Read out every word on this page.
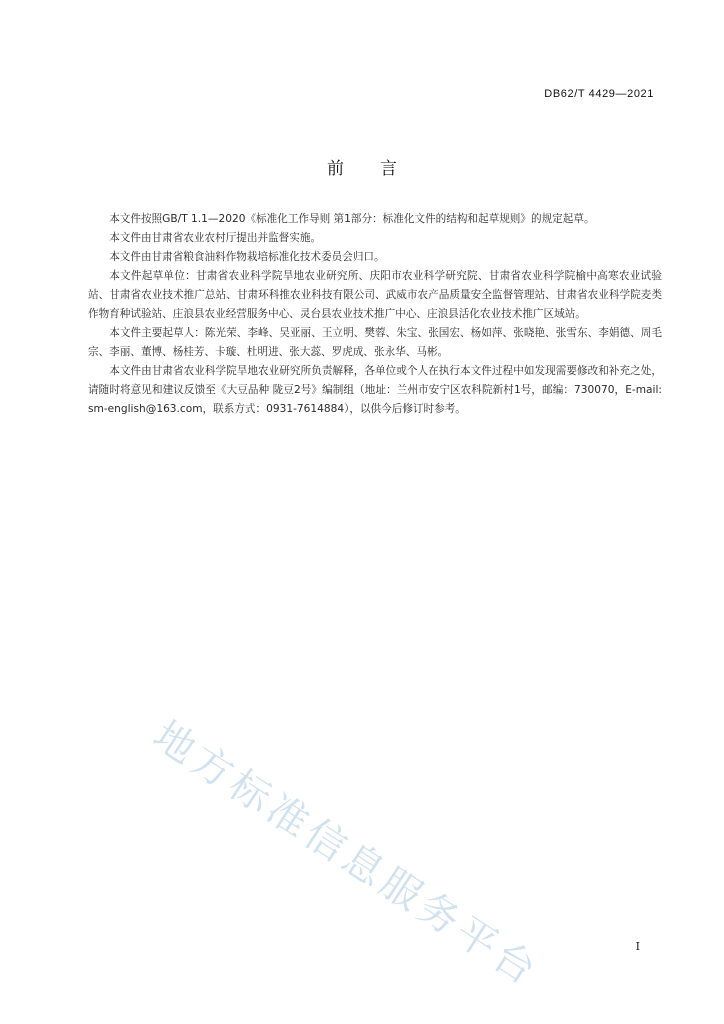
DB62/T 4429—2021
前言

本文件按照GB/T 1.1—2020《标准化工作导则 第1部分：标准化文件的结构和起草规则》的规定起草。

本文件由甘肃省农业农村厅提出并监督实施。

本文件由甘肃省粮食油料作物栽培标准化技术委员会归口。

本文件起草单位：甘肃省农业科学院旱地农业研究所、庆阳市农业科学研究院、甘肃省农业科学院榆中高寒农业试验站、甘肃省农业技术推广总站、甘肃环科推农业科技有限公司、武威市农产品质量安全监督管理站、甘肃省农业科学院麦类作物育种试验站、庄浪县农业经营服务中心、灵台县农业技术推广中心、庄浪县活化农业技术推广区域站。

本文件主要起草人：陈光荣、李峰、吴亚丽、王立明、樊蓉、朱宝、张国宏、杨如萍、张晓艳、张雪东、李娟德、周毛宗、李丽、董博、杨桂芳、卡璇、杜明进、张大蕊、罗虎成、张永华、马彬。

本文件由甘肃省农业科学院旱地农业研究所负责解释，各单位或个人在执行本文件过程中如发现需要修改和补充之处，请随时将意见和建议反馈至《大豆品种 陇豆2号》编制组（地址：兰州市安宁区农科院新村1号，邮编：730070，E-mail: sm-english@163.com，联系方式：0931-7614884），以供今后修订时参考。

地方标准信息服务平台	I
